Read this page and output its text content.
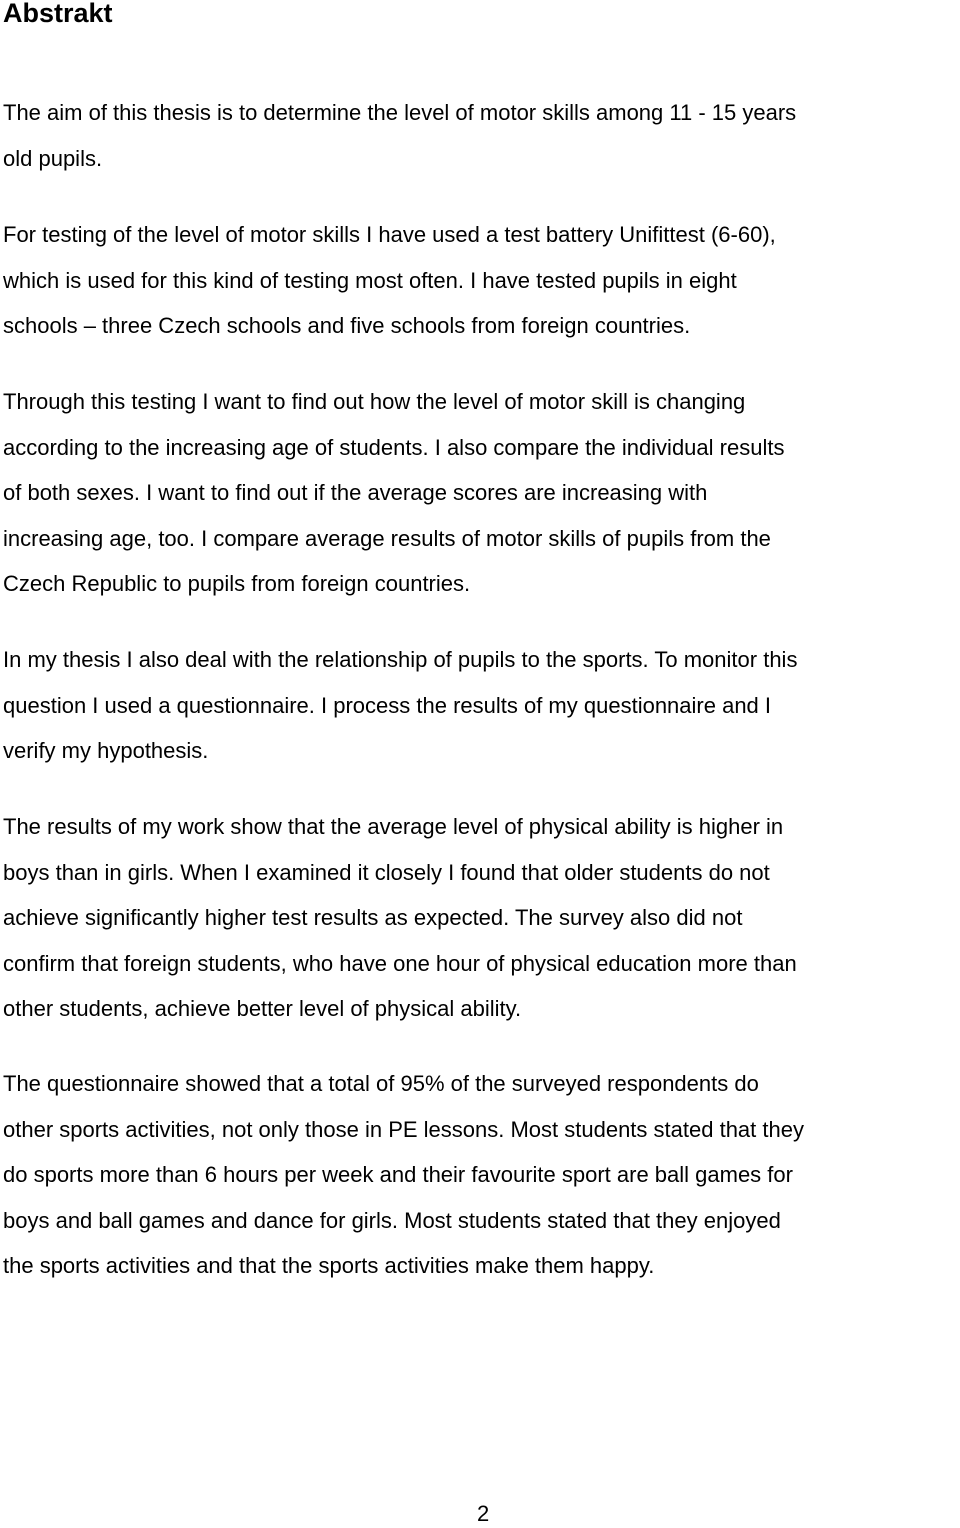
Abstrakt

The aim of this thesis is to determine the level of motor skills among 11 - 15 years
old pupils.

For testing of the level of motor skills I have used a test battery Unifittest (6-60),
which is used for this kind of testing most often. I have tested pupils in eight
schools – three Czech schools and five schools from foreign countries.

Through this testing I want to find out how the level of motor skill is changing
according to the increasing age of students. I also compare the individual results
of both sexes. I want to find out if the average scores are increasing with
increasing age, too. I compare average results of motor skills of pupils from the
Czech Republic to pupils from foreign countries.

In my thesis I also deal with the relationship of pupils to the sports. To monitor this
question I used a questionnaire. I process the results of my questionnaire and I
verify my hypothesis.

The results of my work show that the average level of physical ability is higher in
boys than in girls. When I examined it closely I found that older students do not
achieve significantly higher test results as expected. The survey also did not
confirm that foreign students, who have one hour of physical education more than
other students, achieve better level of physical ability.

The questionnaire showed that a total of 95% of the surveyed respondents do
other sports activities, not only those in PE lessons. Most students stated that they
do sports more than 6 hours per week and their favourite sport are ball games for
boys and ball games and dance for girls. Most students stated that they enjoyed
the sports activities and that the sports activities make them happy.

2
